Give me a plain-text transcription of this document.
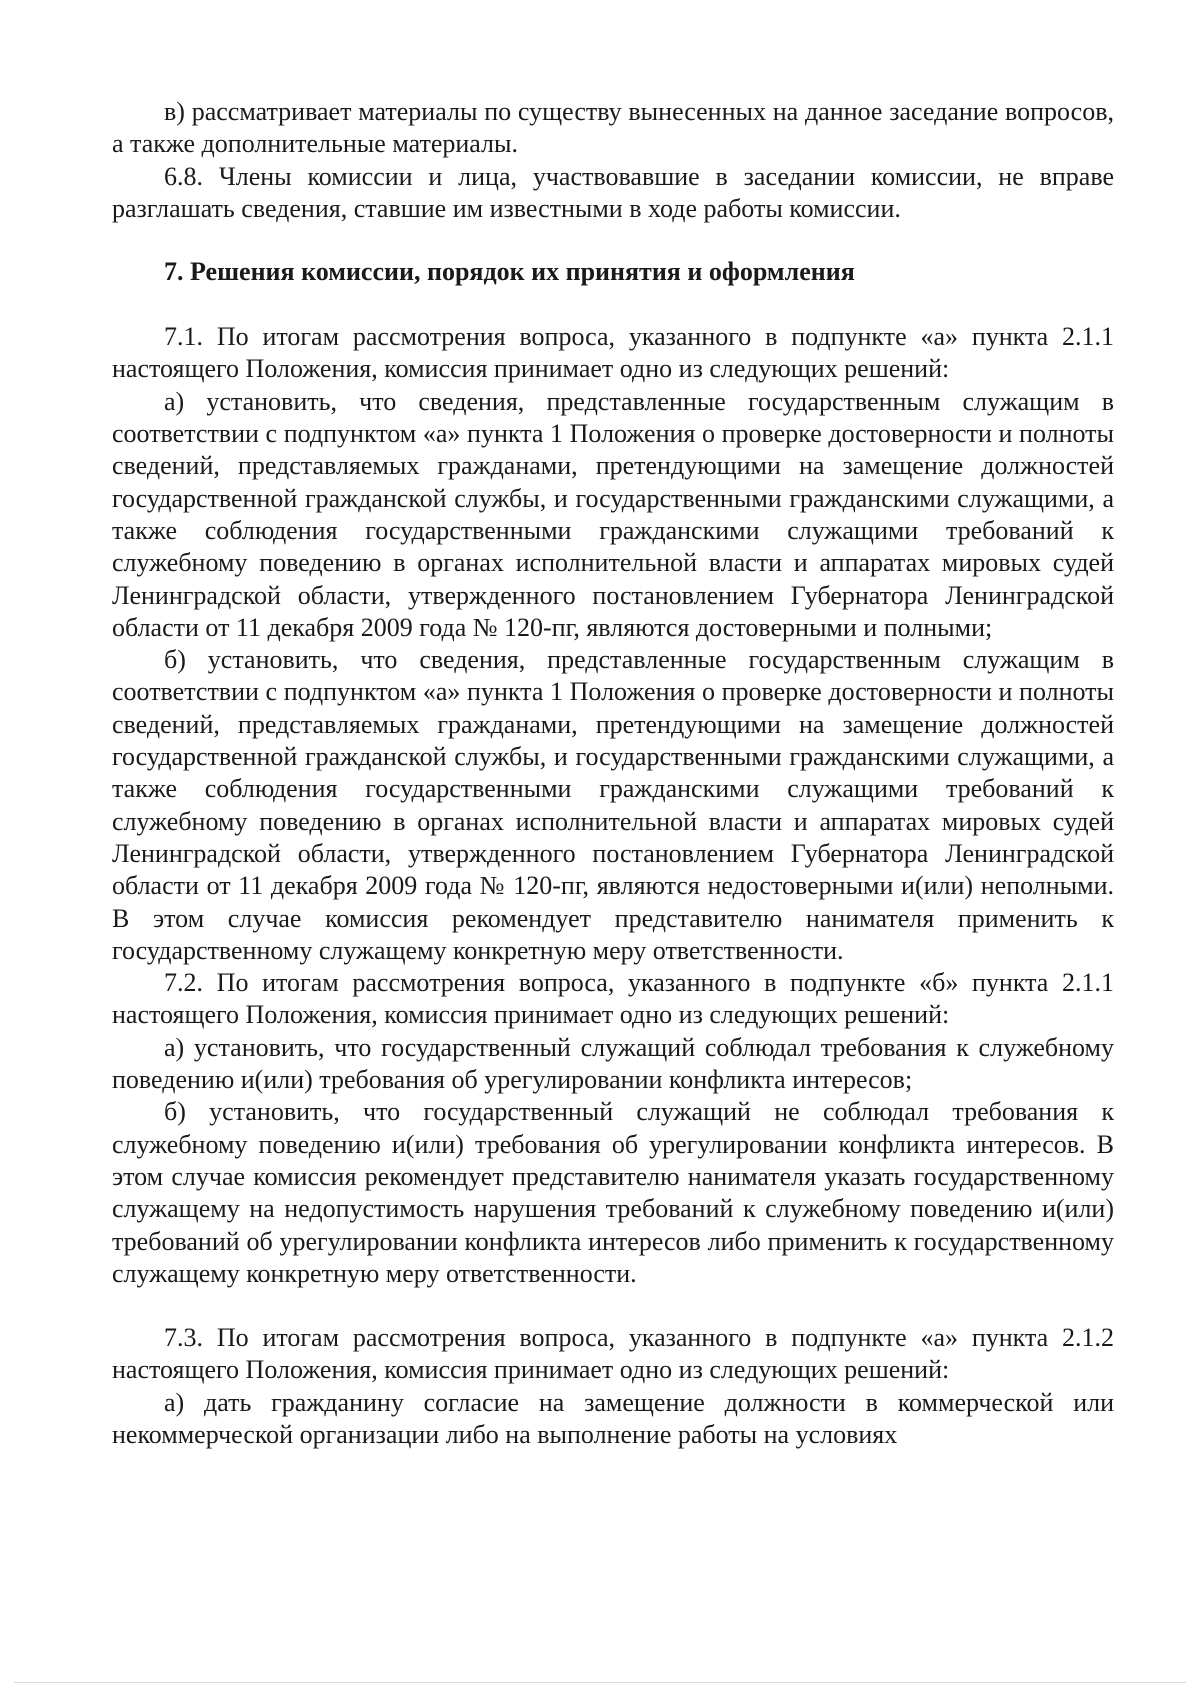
в) рассматривает материалы по существу вынесенных на данное заседание вопросов, а также дополнительные материалы.

6.8. Члены комиссии и лица, участвовавшие в заседании комиссии, не вправе разглашать сведения, ставшие им известными в ходе работы комиссии.

7. Решения комиссии, порядок их принятия и оформления

7.1. По итогам рассмотрения вопроса, указанного в подпункте «а» пункта 2.1.1 настоящего Положения, комиссия принимает одно из следующих решений:

а) установить, что сведения, представленные государственным служащим в соответствии с подпунктом «а» пункта 1 Положения о проверке достоверности и полноты сведений, представляемых гражданами, претендующими на замещение должностей государственной гражданской службы, и государственными гражданскими служащими, а также соблюдения государственными гражданскими служащими требований к служебному поведению в органах исполнительной власти и аппаратах мировых судей Ленинградской области, утвержденного постановлением Губернатора Ленинградской области от 11 декабря 2009 года № 120-пг, являются достоверными и полными;

б) установить, что сведения, представленные государственным служащим в соответствии с подпунктом «а» пункта 1 Положения о проверке достоверности и полноты сведений, представляемых гражданами, претендующими на замещение должностей государственной гражданской службы, и государственными гражданскими служащими, а также соблюдения государственными гражданскими служащими требований к служебному поведению в органах исполнительной власти и аппаратах мировых судей Ленинградской области, утвержденного постановлением Губернатора Ленинградской области от 11 декабря 2009 года № 120-пг, являются недостоверными и(или) неполными. В этом случае комиссия рекомендует представителю нанимателя применить к государственному служащему конкретную меру ответственности.

7.2. По итогам рассмотрения вопроса, указанного в подпункте «б» пункта 2.1.1 настоящего Положения, комиссия принимает одно из следующих решений:

а) установить, что государственный служащий соблюдал требования к служебному поведению и(или) требования об урегулировании конфликта интересов;

б) установить, что государственный служащий не соблюдал требования к служебному поведению и(или) требования об урегулировании конфликта интересов. В этом случае комиссия рекомендует представителю нанимателя указать государственному служащему на недопустимость нарушения требований к служебному поведению и(или) требований об урегулировании конфликта интересов либо применить к государственному служащему конкретную меру ответственности.

7.3. По итогам рассмотрения вопроса, указанного в подпункте «а» пункта 2.1.2 настоящего Положения, комиссия принимает одно из следующих решений:

а) дать гражданину согласие на замещение должности в коммерческой или некоммерческой организации либо на выполнение работы на условиях
